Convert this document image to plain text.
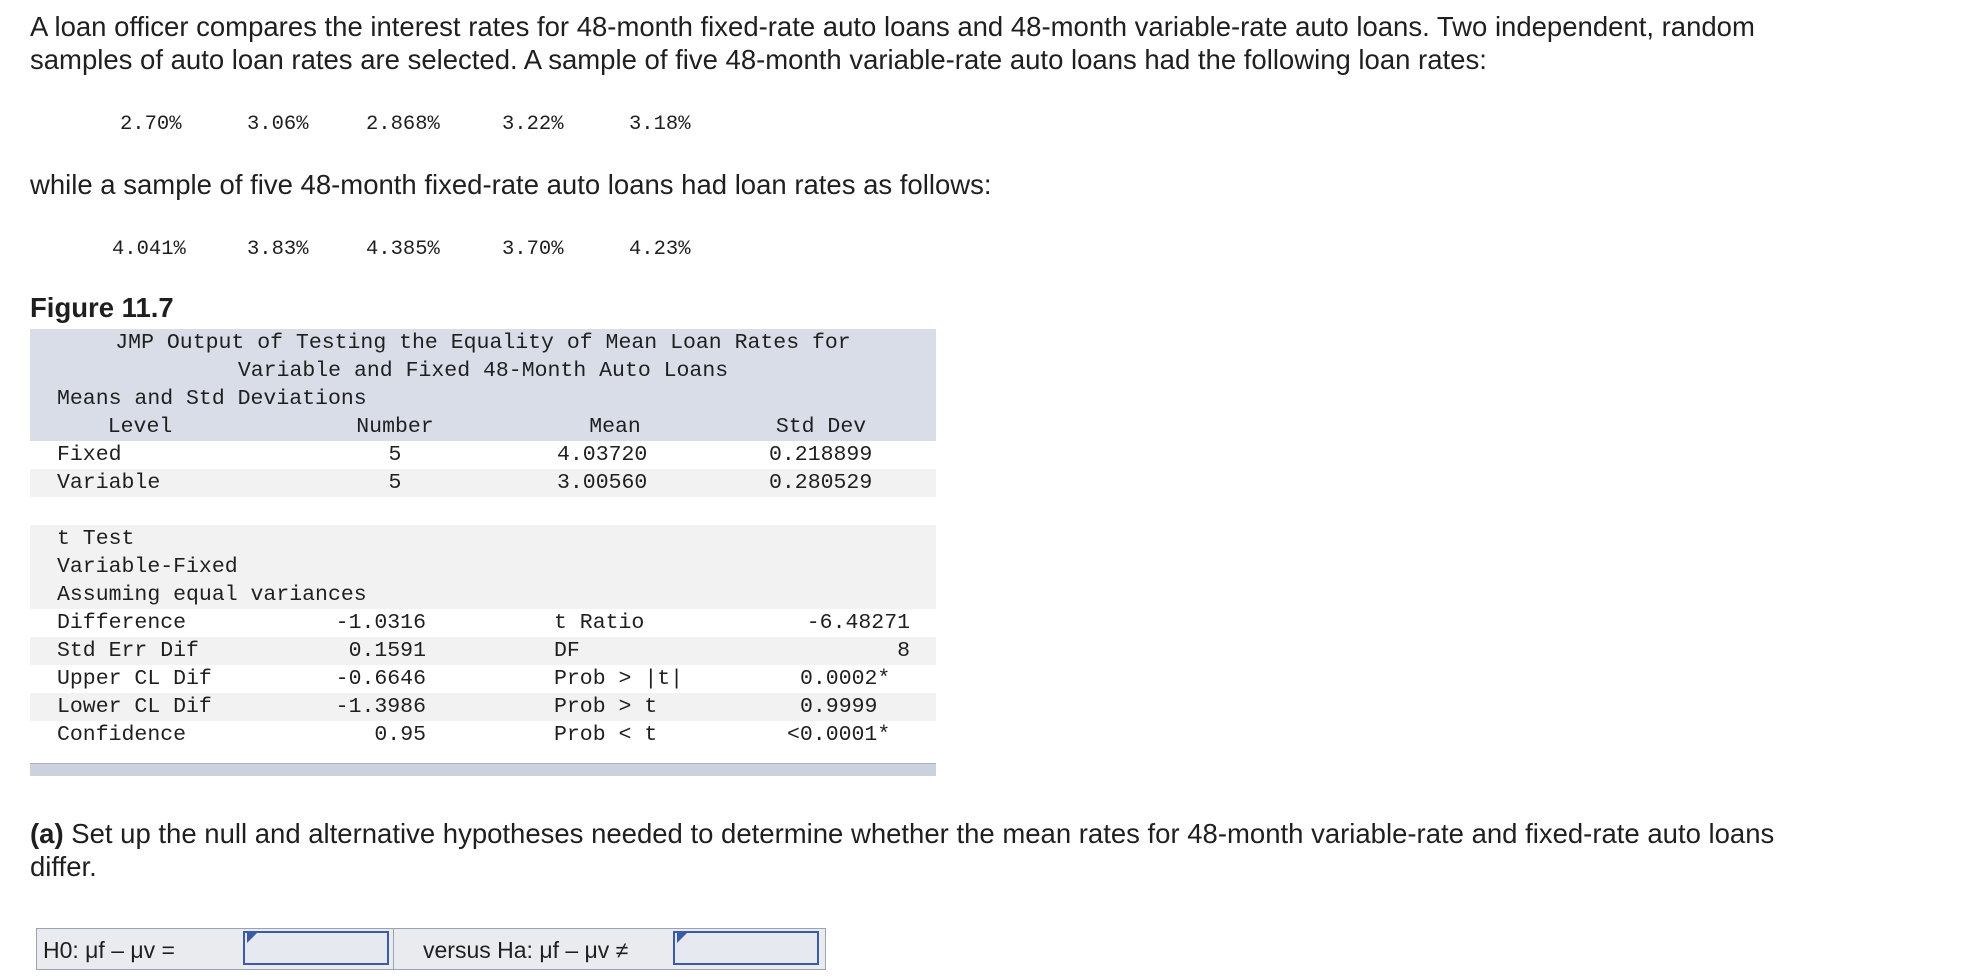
A loan officer compares the interest rates for 48-month fixed-rate auto loans and 48-month variable-rate auto loans. Two independent, random samples of auto loan rates are selected. A sample of five 48-month variable-rate auto loans had the following loan rates:

2.70%	3.06%	2.868%	3.22%	3.18%

while a sample of five 48-month fixed-rate auto loans had loan rates as follows:

4.041%	3.83%	4.385%	3.70%	4.23%
Figure 11.7
JMP Output of Testing the Equality of Mean Loan Rates for
Variable and Fixed 48-Month Auto Loans
Means and Std Deviations
Level	Number	Mean	Std Dev
Fixed	5	4.03720	0.218899
Variable	5	3.00560	0.280529
t Test
Variable-Fixed
Assuming equal variances
Difference	-1.0316	t Ratio	-6.48271
Std Err Dif	0.1591	DF	8
Upper CL Dif	-0.6646	Prob > |t|	0.0002*
Lower CL Dif	-1.3986	Prob > t	0.9999
Confidence	0.95	Prob < t	<0.0001*

(a) Set up the null and alternative hypotheses needed to determine whether the mean rates for 48-month variable-rate and fixed-rate auto loans differ.

H0: μf – μv =	versus Ha: μf – μv ≠
